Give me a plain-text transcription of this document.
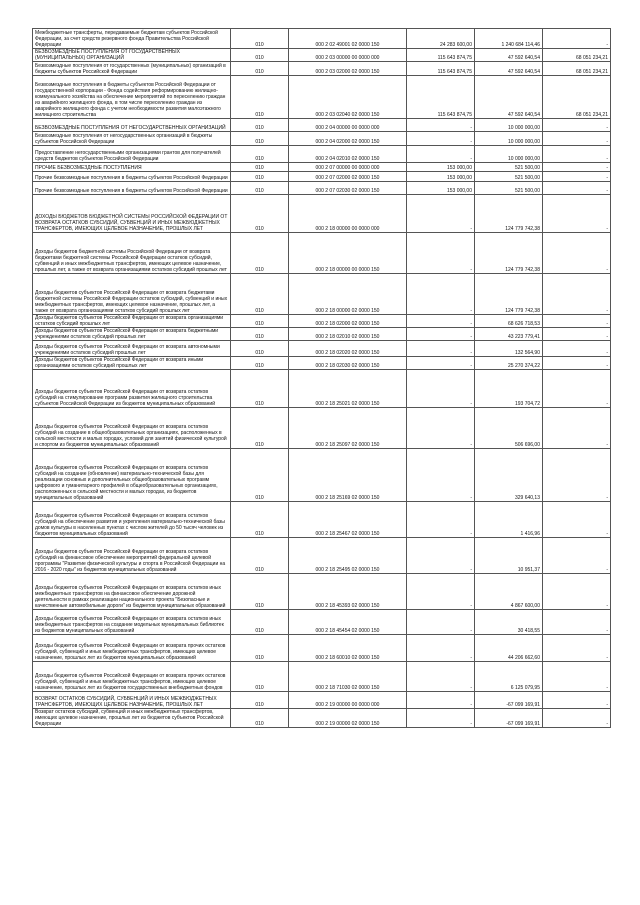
Межбюджетные трансферты, передаваемые бюджетам субъектов Российской Федерации, за счет средств резервного фонда Правительства Российской Федерации	010	000 2 02 49001 02 0000 150	24 283 600,00	1 240 684 114,46	-
БЕЗВОЗМЕЗДНЫЕ ПОСТУПЛЕНИЯ ОТ ГОСУДАРСТВЕННЫХ (МУНИЦИПАЛЬНЫХ) ОРГАНИЗАЦИЙ	010	000 2 03 00000 00 0000 000	115 643 874,75	47 592 640,54	68 051 234,21
Безвозмездные поступления от государственных (муниципальных) организаций в бюджеты субъектов Российской Федерации	010	000 2 03 02000 02 0000 150	115 643 874,75	47 592 640,54	68 051 234,21
Безвозмездные поступления в бюджеты субъектов Российской Федерации от государственной корпорации - Фонда содействия реформированию жилищно-коммунального хозяйства на обеспечение мероприятий по переселению граждан из аварийного жилищного фонда, в том числе переселению граждан из аварийного жилищного фонда с учетом необходимости развития малоэтажного жилищного строительства	010	000 2 03 02040 02 0000 150	115 643 874,75	47 592 640,54	68 051 234,21
БЕЗВОЗМЕЗДНЫЕ ПОСТУПЛЕНИЯ ОТ НЕГОСУДАРСТВЕННЫХ ОРГАНИЗАЦИЙ	010	000 2 04 00000 00 0000 000	-	10 000 000,00	-
Безвозмездные поступления от негосударственных организаций в бюджеты субъектов Российской Федерации	010	000 2 04 02000 02 0000 150	-	10 000 000,00	-
Предоставление негосударственными организациями грантов для получателей средств бюджетов субъектов Российской Федерации	010	000 2 04 02010 02 0000 150	-	10 000 000,00	-
ПРОЧИЕ БЕЗВОЗМЕЗДНЫЕ ПОСТУПЛЕНИЯ	010	000 2 07 00000 00 0000 000	153 000,00	521 500,00	-
Прочие безвозмездные поступления в бюджеты субъектов Российской Федерации	010	000 2 07 02000 02 0000 150	153 000,00	521 500,00	-
Прочие безвозмездные поступления в бюджеты субъектов Российской Федерации	010	000 2 07 02030 02 0000 150	153 000,00	521 500,00	-
ДОХОДЫ БЮДЖЕТОВ БЮДЖЕТНОЙ СИСТЕМЫ РОССИЙСКОЙ ФЕДЕРАЦИИ ОТ ВОЗВРАТА ОСТАТКОВ СУБСИДИЙ, СУБВЕНЦИЙ И ИНЫХ МЕЖБЮДЖЕТНЫХ ТРАНСФЕРТОВ, ИМЕЮЩИХ ЦЕЛЕВОЕ НАЗНАЧЕНИЕ, ПРОШЛЫХ ЛЕТ	010	000 2 18 00000 00 0000 000	-	124 779 742,38	-
Доходы бюджетов бюджетной системы Российской Федерации от возврата бюджетами бюджетной системы Российской Федерации остатков субсидий, субвенций и иных межбюджетных трансфертов, имеющих целевое назначение, прошлых лет, а также от возврата организациями остатков субсидий прошлых лет	010	000 2 18 00000 00 0000 150	-	124 779 742,38	-
Доходы бюджетов субъектов Российской Федерации от возврата бюджетами бюджетной системы Российской Федерации остатков субсидий, субвенций и иных межбюджетных трансфертов, имеющих целевое назначение, прошлых лет, а также от возврата организациями остатков субсидий прошлых лет	010	000 2 18 00000 02 0000 150	-	124 779 742,38	-
Доходы бюджетов субъектов Российской Федерации от возврата организациями остатков субсидий прошлых лет	010	000 2 18 02000 02 0000 150	-	68 626 718,53	-
Доходы бюджетов субъектов Российской Федерации от возврата бюджетными учреждениями остатков субсидий прошлых лет	010	000 2 18 02010 02 0000 150	-	43 223 779,41	-
Доходы бюджетов субъектов Российской Федерации от возврата автономными учреждениями остатков субсидий прошлых лет	010	000 2 18 02020 02 0000 150	-	132 564,90	-
Доходы бюджетов субъектов Российской Федерации от возврата иными организациями остатков субсидий прошлых лет	010	000 2 18 02030 02 0000 150	-	25 270 374,22	-
Доходы бюджетов субъектов Российской Федерации от возврата остатков субсидий на стимулирование программ развития жилищного строительства субъектов Российской Федерации из бюджетов муниципальных образований	010	000 2 18 25021 02 0000 150	-	193 704,72	-
Доходы бюджетов субъектов Российской Федерации от возврата остатков субсидий на создание в общеобразовательных организациях, расположенных в сельской местности и малых городах, условий для занятий физической культурой и спортом из бюджетов муниципальных образований	010	000 2 18 25097 02 0000 150	-	506 696,00	-
Доходы бюджетов субъектов Российской Федерации от возврата остатков субсидий на создание (обновление) материально-технической базы для реализации основных и дополнительных общеобразовательных программ цифрового и гуманитарного профилей в общеобразовательных организациях, расположенных в сельской местности и малых городах, из бюджетов муниципальных образований	010	000 2 18 25169 02 0000 150	-	329 640,13	-
Доходы бюджетов субъектов Российской Федерации от возврата остатков субсидий на обеспечение развития и укрепления материально-технической базы домов культуры в населенных пунктах с числом жителей до 50 тысяч человек из бюджетов муниципальных образований	010	000 2 18 25467 02 0000 150	-	1 416,96	-
Доходы бюджетов субъектов Российской Федерации от возврата остатков субсидий на финансовое обеспечение мероприятий федеральной целевой программы "Развитие физической культуры и спорта в Российской Федерации на 2016 - 2020 годы" из бюджетов муниципальных образований	010	000 2 18 25495 02 0000 150	-	10 951,37	-
Доходы бюджетов субъектов Российской Федерации от возврата остатков иных межбюджетных трансфертов на финансовое обеспечение дорожной деятельности в рамках реализации национального проекта "Безопасные и качественные автомобильные дороги" из бюджетов муниципальных образований	010	000 2 18 45393 02 0000 150	-	4 867 600,00	-
Доходы бюджетов субъектов Российской Федерации от возврата остатков иных межбюджетных трансфертов на создание модельных муниципальных библиотек из бюджетов муниципальных образований	010	000 2 18 45454 02 0000 150	-	30 418,55	-
Доходы бюджетов субъектов Российской Федерации от возврата прочих остатков субсидий, субвенций и иных межбюджетных трансфертов, имеющих целевое назначение, прошлых лет из бюджетов муниципальных образований	010	000 2 18 60010 02 0000 150	-	44 206 662,60	-
Доходы бюджетов субъектов Российской Федерации от возврата прочих остатков субсидий, субвенций и иных межбюджетных трансфертов, имеющих целевое назначение, прошлых лет из бюджетов государственных внебюджетных фондов	010	000 2 18 71030 02 0000 150	-	6 125 079,95	-
ВОЗВРАТ ОСТАТКОВ СУБСИДИЙ, СУБВЕНЦИЙ И ИНЫХ МЕЖБЮДЖЕТНЫХ ТРАНСФЕРТОВ, ИМЕЮЩИХ ЦЕЛЕВОЕ НАЗНАЧЕНИЕ, ПРОШЛЫХ ЛЕТ	010	000 2 19 00000 00 0000 000	-	-67 099 169,91	-
Возврат остатков субсидий, субвенций и иных межбюджетных трансфертов, имеющих целевое назначение, прошлых лет из бюджетов субъектов Российской Федерации	010	000 2 19 00000 02 0000 150	-	-67 099 169,91	-
